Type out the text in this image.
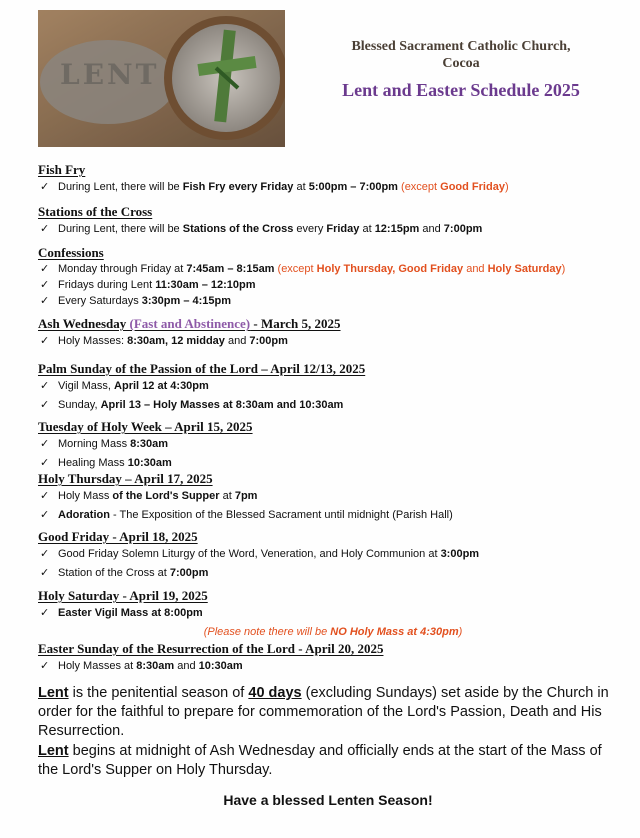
LENT
Blessed Sacrament Catholic Church,
Cocoa
Lent and Easter Schedule 2025
Fish Fry
✓ During Lent, there will be Fish Fry every Friday at 5:00pm – 7:00pm (except Good Friday)
Stations of the Cross
✓ During Lent, there will be Stations of the Cross every Friday at 12:15pm and 7:00pm
Confessions
✓ Monday through Friday at 7:45am – 8:15am (except Holy Thursday, Good Friday and Holy Saturday)
✓ Fridays during Lent 11:30am – 12:10pm
✓ Every Saturdays 3:30pm – 4:15pm
Ash Wednesday (Fast and Abstinence) - March 5, 2025
✓ Holy Masses: 8:30am, 12 midday and 7:00pm
Palm Sunday of the Passion of the Lord – April 12/13, 2025
✓ Vigil Mass, April 12 at 4:30pm
✓ Sunday, April 13 – Holy Masses at 8:30am and 10:30am
Tuesday of Holy Week – April 15, 2025
✓ Morning Mass 8:30am
✓ Healing Mass 10:30am
Holy Thursday – April 17, 2025
✓ Holy Mass of the Lord's Supper at 7pm
✓ Adoration - The Exposition of the Blessed Sacrament until midnight (Parish Hall)
Good Friday - April 18, 2025
✓ Good Friday Solemn Liturgy of the Word, Veneration, and Holy Communion at 3:00pm
✓ Station of the Cross at 7:00pm
Holy Saturday - April 19, 2025
✓ Easter Vigil Mass at 8:00pm
(Please note there will be NO Holy Mass at 4:30pm)
Easter Sunday of the Resurrection of the Lord - April 20, 2025
✓ Holy Masses at 8:30am and 10:30am
Lent is the penitential season of 40 days (excluding Sundays) set aside by the Church in order for the faithful to prepare for commemoration of the Lord's Passion, Death and His Resurrection.
Lent begins at midnight of Ash Wednesday and officially ends at the start of the Mass of the Lord's Supper on Holy Thursday.
Have a blessed Lenten Season!
